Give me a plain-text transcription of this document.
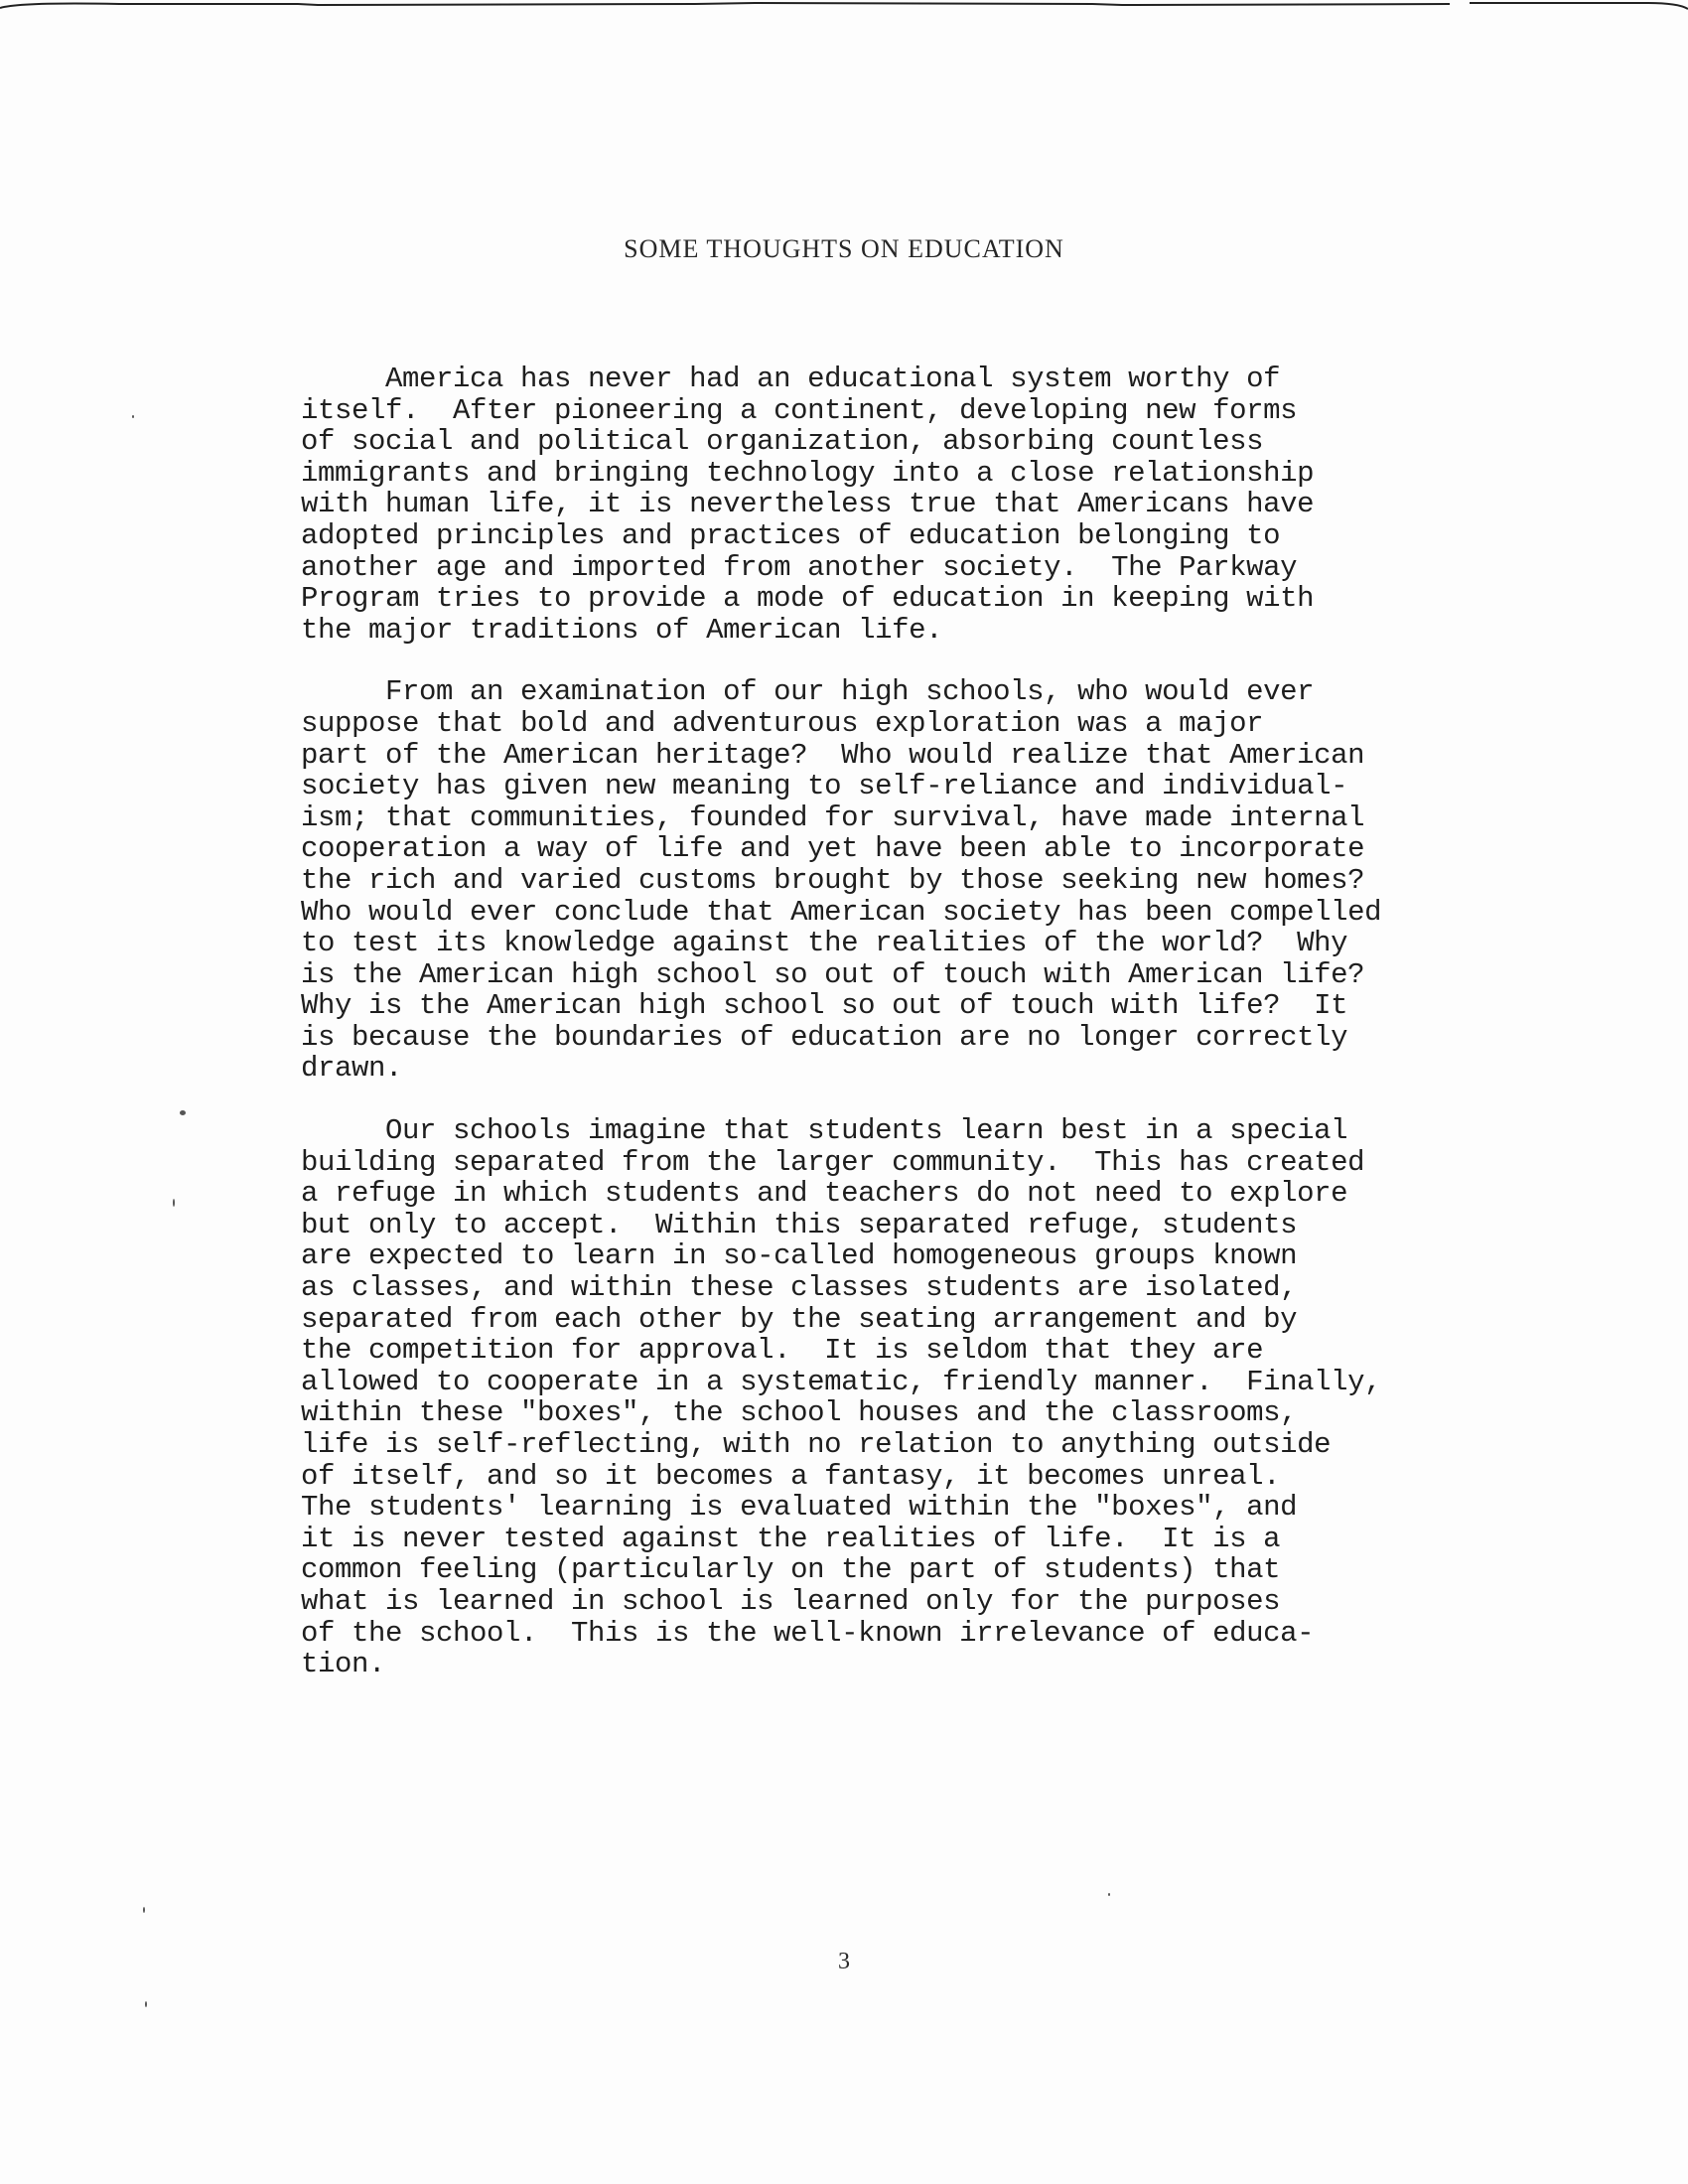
SOME THOUGHTS ON EDUCATION

America has never had an educational system worthy of
itself.  After pioneering a continent, developing new forms
of social and political organization, absorbing countless
immigrants and bringing technology into a close relationship
with human life, it is nevertheless true that Americans have
adopted principles and practices of education belonging to
another age and imported from another society.  The Parkway
Program tries to provide a mode of education in keeping with
the major traditions of American life.

From an examination of our high schools, who would ever
suppose that bold and adventurous exploration was a major
part of the American heritage?  Who would realize that American
society has given new meaning to self-reliance and individual-
ism; that communities, founded for survival, have made internal
cooperation a way of life and yet have been able to incorporate
the rich and varied customs brought by those seeking new homes?
Who would ever conclude that American society has been compelled
to test its knowledge against the realities of the world?  Why
is the American high school so out of touch with American life?
Why is the American high school so out of touch with life?  It
is because the boundaries of education are no longer correctly
drawn.

Our schools imagine that students learn best in a special
building separated from the larger community.  This has created
a refuge in which students and teachers do not need to explore
but only to accept.  Within this separated refuge, students
are expected to learn in so-called homogeneous groups known
as classes, and within these classes students are isolated,
separated from each other by the seating arrangement and by
the competition for approval.  It is seldom that they are
allowed to cooperate in a systematic, friendly manner.  Finally,
within these "boxes", the school houses and the classrooms,
life is self-reflecting, with no relation to anything outside
of itself, and so it becomes a fantasy, it becomes unreal.
The students' learning is evaluated within the "boxes", and
it is never tested against the realities of life.  It is a
common feeling (particularly on the part of students) that
what is learned in school is learned only for the purposes
of the school.  This is the well-known irrelevance of educa-
tion.

3
